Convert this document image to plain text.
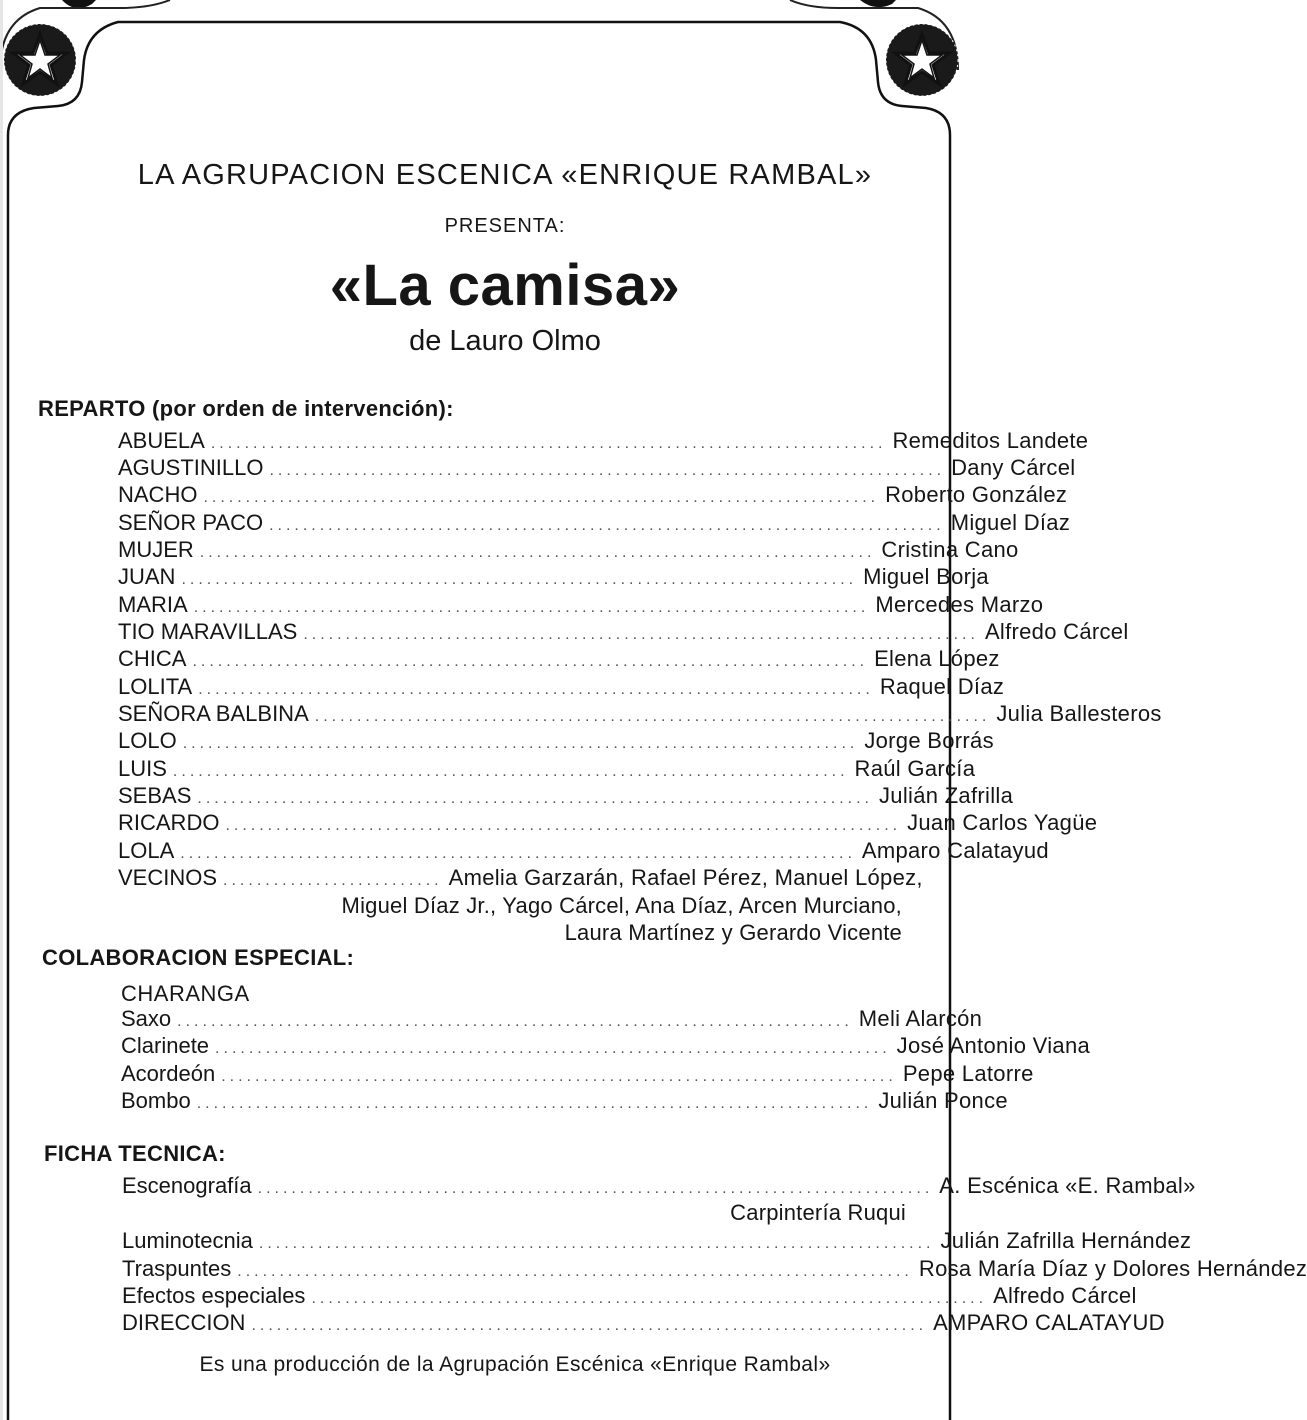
LA AGRUPACION ESCENICA «ENRIQUE RAMBAL»
PRESENTA:
«La camisa»
de Lauro Olmo
REPARTO (por orden de intervención):
ABUELA ................................................................................ Remeditos Landete
AGUSTINILLO ................................................................................ Dany Cárcel
NACHO ................................................................................ Roberto González
SEÑOR PACO ................................................................................ Miguel Díaz
MUJER ................................................................................ Cristina Cano
JUAN ................................................................................ Miguel Borja
MARIA ................................................................................ Mercedes Marzo
TIO MARAVILLAS ................................................................................ Alfredo Cárcel
CHICA ................................................................................ Elena López
LOLITA ................................................................................ Raquel Díaz
SEÑORA BALBINA ................................................................................ Julia Ballesteros
LOLO ................................................................................ Jorge Borrás
LUIS ................................................................................ Raúl García
SEBAS ................................................................................ Julián Zafrilla
RICARDO ................................................................................ Juan Carlos Yagüe
LOLA ................................................................................ Amparo Calatayud
VECINOS .......................... Amelia Garzarán, Rafael Pérez, Manuel López,
Miguel Díaz Jr., Yago Cárcel, Ana Díaz, Arcen Murciano,
Laura Martínez y Gerardo Vicente
COLABORACION ESPECIAL:
CHARANGA
Saxo ................................................................................ Meli Alarcón
Clarinete ................................................................................ José Antonio Viana
Acordeón ................................................................................ Pepe Latorre
Bombo ................................................................................ Julián Ponce
FICHA TECNICA:
Escenografía ................................................................................ A. Escénica «E. Rambal»
Carpintería Ruqui
Luminotecnia ................................................................................ Julián Zafrilla Hernández
Traspuntes ................................................................................ Rosa María Díaz y Dolores Hernández
Efectos especiales ................................................................................ Alfredo Cárcel
DIRECCION ................................................................................ AMPARO CALATAYUD
Es una producción de la Agrupación Escénica «Enrique Rambal»
